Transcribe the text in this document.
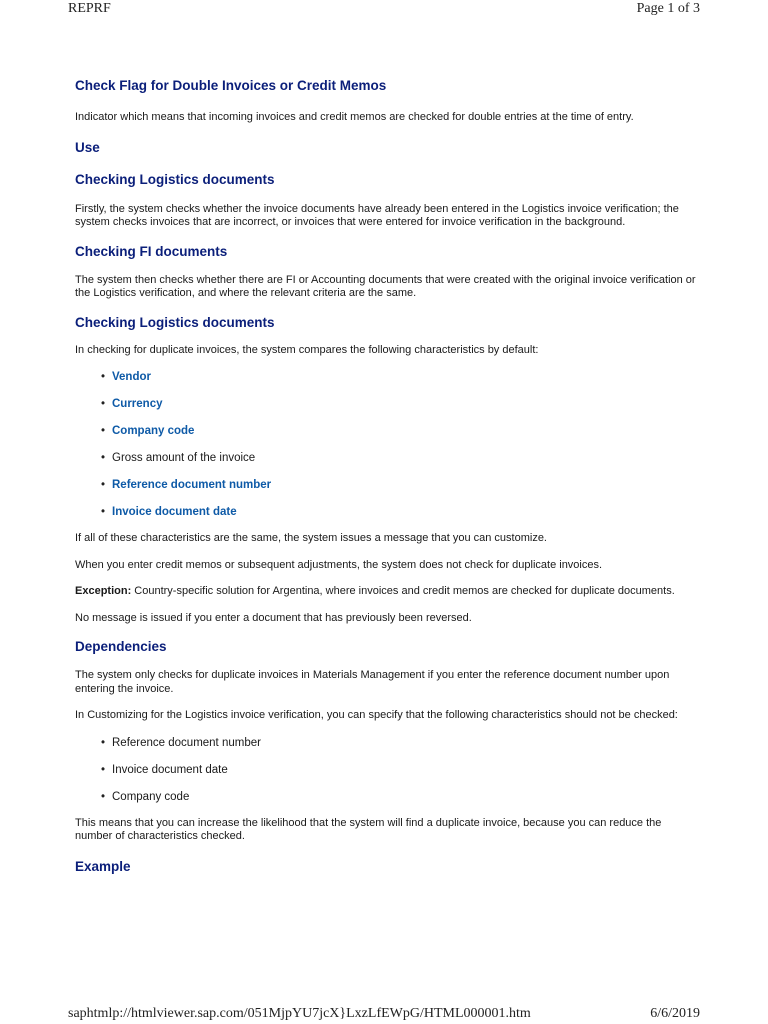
REPRF	Page 1 of 3
Check Flag for Double Invoices or Credit Memos

Indicator which means that incoming invoices and credit memos are checked for double entries at the time of entry.

Use
Checking Logistics documents

Firstly, the system checks whether the invoice documents have already been entered in the Logistics invoice verification; the system checks invoices that are incorrect, or invoices that were entered for invoice verification in the background.

Checking FI documents

The system then checks whether there are FI or Accounting documents that were created with the original invoice verification or the Logistics verification, and where the relevant criteria are the same.

Checking Logistics documents

In checking for duplicate invoices, the system compares the following characteristics by default:

• Vendor
• Currency
• Company code
• Gross amount of the invoice
• Reference document number
• Invoice document date

If all of these characteristics are the same, the system issues a message that you can customize.

When you enter credit memos or subsequent adjustments, the system does not check for duplicate invoices.

Exception: Country-specific solution for Argentina, where invoices and credit memos are checked for duplicate documents.

No message is issued if you enter a document that has previously been reversed.

Dependencies

The system only checks for duplicate invoices in Materials Management if you enter the reference document number upon entering the invoice.

In Customizing for the Logistics invoice verification, you can specify that the following characteristics should not be checked:

• Reference document number
• Invoice document date
• Company code

This means that you can increase the likelihood that the system will find a duplicate invoice, because you can reduce the number of characteristics checked.

Example
saphtmlp://htmlviewer.sap.com/051MjpYU7jcX}LxzLfEWpG/HTML000001.htm	6/6/2019
